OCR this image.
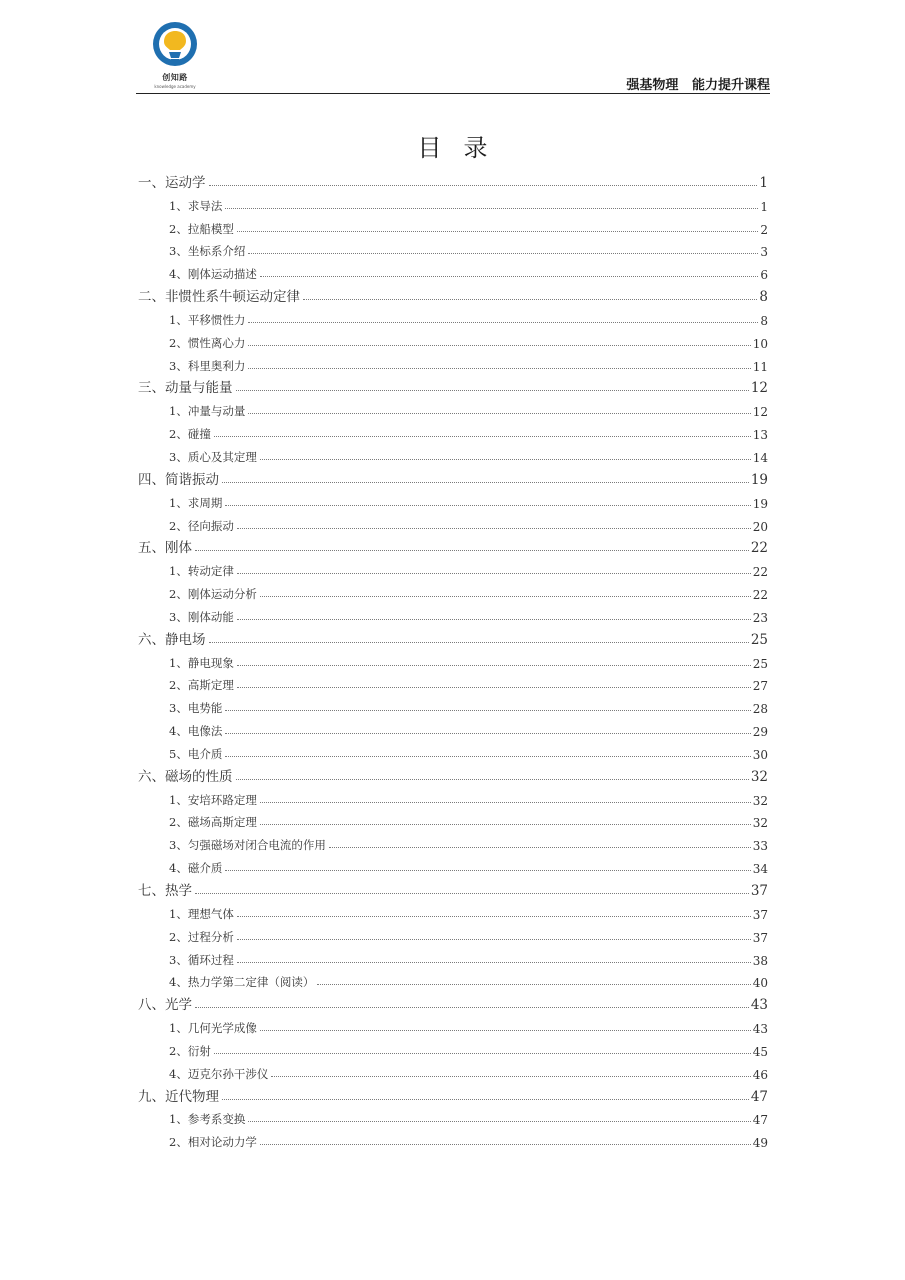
创知路
knowledge academy	强基物理   能力提升课程
目录
一、运动学	1
1、求导法	1
2、拉船模型	2
3、坐标系介绍	3
4、刚体运动描述	6
二、非惯性系牛顿运动定律	8
1、平移惯性力	8
2、惯性离心力	10
3、科里奥利力	11
三、动量与能量	12
1、冲量与动量	12
2、碰撞	13
3、质心及其定理	14
四、简谐振动	19
1、求周期	19
2、径向振动	20
五、刚体	22
1、转动定律	22
2、刚体运动分析	22
3、刚体动能	23
六、静电场	25
1、静电现象	25
2、高斯定理	27
3、电势能	28
4、电像法	29
5、电介质	30
六、磁场的性质	32
1、安培环路定理	32
2、磁场高斯定理	32
3、匀强磁场对闭合电流的作用	33
4、磁介质	34
七、热学	37
1、理想气体	37
2、过程分析	37
3、循环过程	38
4、热力学第二定律（阅读）	40
八、光学	43
1、几何光学成像	43
2、衍射	45
4、迈克尔孙干涉仪	46
九、近代物理	47
1、参考系变换	47
2、相对论动力学	49
